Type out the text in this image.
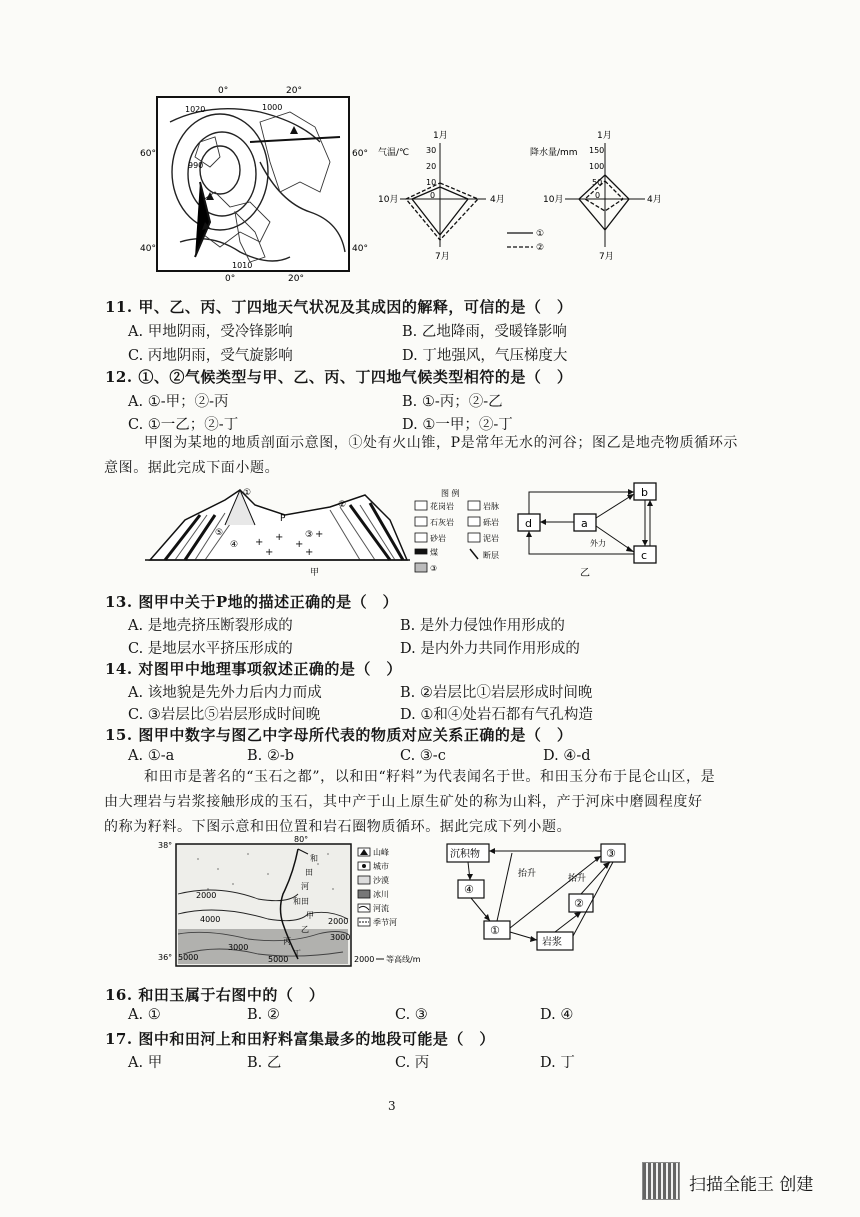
0°	20°
60°
40°
60°
40°
0°	20°
1020	1000
990
1010
气温/℃
1月
7月
10月	4月
30
20
10
0
降水量/mm
1月
7月
10月	4月
150
100
50
0
①
②
11. 甲、乙、丙、丁四地天气状况及其成因的解释，可信的是（　）
A. 甲地阴雨，受冷锋影响	B. 乙地降雨，受暖锋影响
C. 丙地阴雨，受气旋影响	D. 丁地强风，气压梯度大
12. ①、②气候类型与甲、乙、丙、丁四地气候类型相符的是（　）
A. ①-甲；②-丙	B. ①-丙；②-乙
C. ①一乙；②-丁	D. ①一甲；②-丁
甲图为某地的地质剖面示意图，①处有火山锥，P是常年无水的河谷；图乙是地壳物质循环示意图。据此完成下面小题。
+ +
+
+
+	+
P
甲
①
②
③
④
⑤
图 例
花岗岩	岩脉
石灰岩	砾岩
砂岩	泥岩
煤	断层
③
d	a
b
c
外力
乙
13. 图甲中关于P地的描述正确的是（　）
A. 是地壳挤压断裂形成的	B. 是外力侵蚀作用形成的
C. 是地层水平挤压形成的	D. 是内外力共同作用形成的
14. 对图甲中地理事项叙述正确的是（　）
A. 该地貌是先外力后内力而成	B. ②岩层比①岩层形成时间晚
C. ③岩层比⑤岩层形成时间晚	D. ①和④处岩石都有气孔构造
15. 图甲中数字与图乙中字母所代表的物质对应关系正确的是（　）
A. ①-a	B. ②-b	C. ③-c	D. ④-d
和田市是著名的“玉石之都”，以和田“籽料”为代表闻名于世。和田玉分布于昆仑山区，是由大理岩与岩浆接触形成的玉石，其中产于山上原生矿处的称为山料，产于河床中磨圆程度好的称为籽料。下图示意和田位置和岩石圈物质循环。据此完成下列小题。
38°
36°
80°
和
田
河
和田
丙
丁
甲
乙
2000
4000
3000
5000
3000
2000
5000
山峰
城市
沙漠
冰川
河流
季节河
2000 等高线/m
沉积物	③
④
②
①
岩浆
抬升	抬升
16. 和田玉属于右图中的（　）
A. ①	B. ②	C. ③	D. ④
17. 图中和田河上和田籽料富集最多的地段可能是（　）
A. 甲	B. 乙	C. 丙	D. 丁
3
扫描全能王 创建
